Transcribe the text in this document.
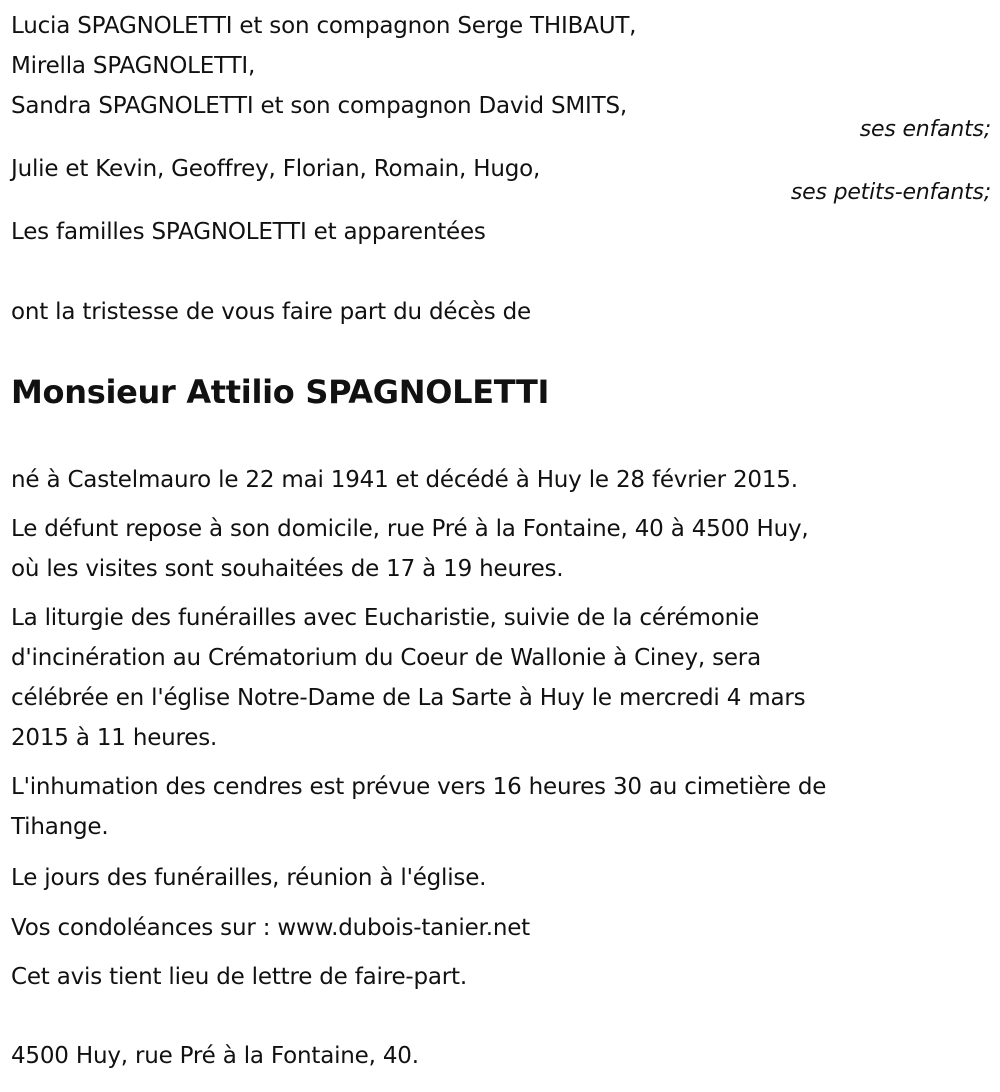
Lucia SPAGNOLETTI et son compagnon Serge THIBAUT,
Mirella SPAGNOLETTI,
Sandra SPAGNOLETTI et son compagnon David SMITS,
ses enfants;
Julie et Kevin, Geoffrey, Florian, Romain, Hugo,
ses petits-enfants;
Les familles SPAGNOLETTI et apparentées
ont la tristesse de vous faire part du décès de
Monsieur Attilio SPAGNOLETTI
né à Castelmauro le 22 mai 1941 et décédé à Huy le 28 février 2015.
Le défunt repose à son domicile, rue Pré à la Fontaine, 40 à 4500 Huy,
où les visites sont souhaitées de 17 à 19 heures.
La liturgie des funérailles avec Eucharistie, suivie de la cérémonie
d'incinération au Crématorium du Coeur de Wallonie à Ciney, sera
célébrée en l'église Notre-Dame de La Sarte à Huy le mercredi 4 mars
2015 à 11 heures.
L'inhumation des cendres est prévue vers 16 heures 30 au cimetière de
Tihange.
Le jours des funérailles, réunion à l'église.
Vos condoléances sur : www.dubois-tanier.net
Cet avis tient lieu de lettre de faire-part.
4500 Huy, rue Pré à la Fontaine, 40.
